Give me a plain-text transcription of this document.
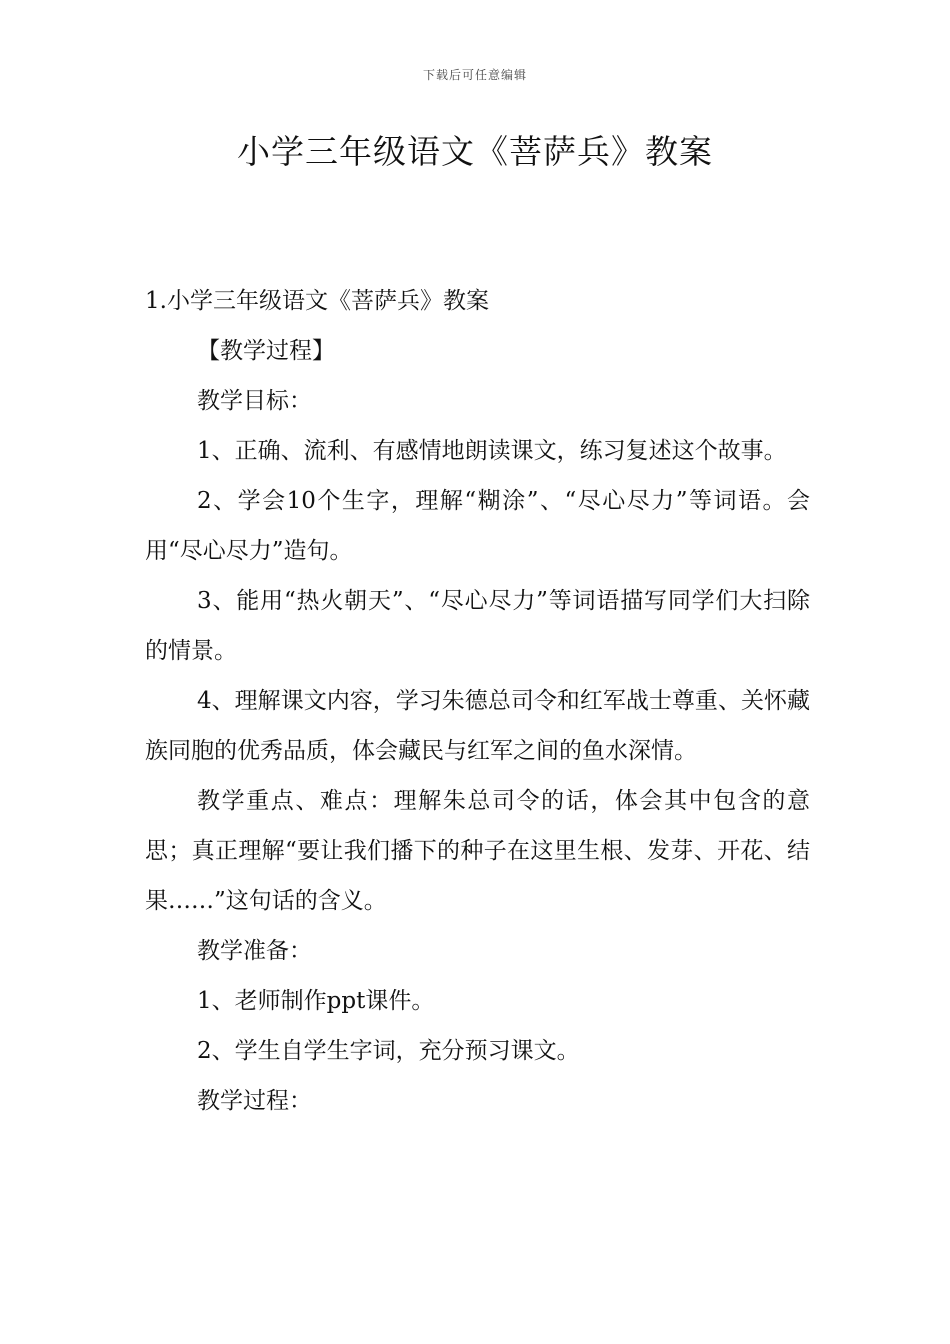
下载后可任意编辑
小学三年级语文《菩萨兵》教案

1.小学三年级语文《菩萨兵》教案

【教学过程】

教学目标：

1、正确、流利、有感情地朗读课文，练习复述这个故事。

2、学会10个生字，理解“糊涂”、“尽心尽力”等词语。会用“尽心尽力”造句。

3、能用“热火朝天”、“尽心尽力”等词语描写同学们大扫除的情景。

4、理解课文内容，学习朱德总司令和红军战士尊重、关怀藏族同胞的优秀品质，体会藏民与红军之间的鱼水深情。

教学重点、难点：理解朱总司令的话，体会其中包含的意思；真正理解“要让我们播下的种子在这里生根、发芽、开花、结果……”这句话的含义。

教学准备：

1、老师制作ppt课件。

2、学生自学生字词，充分预习课文。

教学过程：
